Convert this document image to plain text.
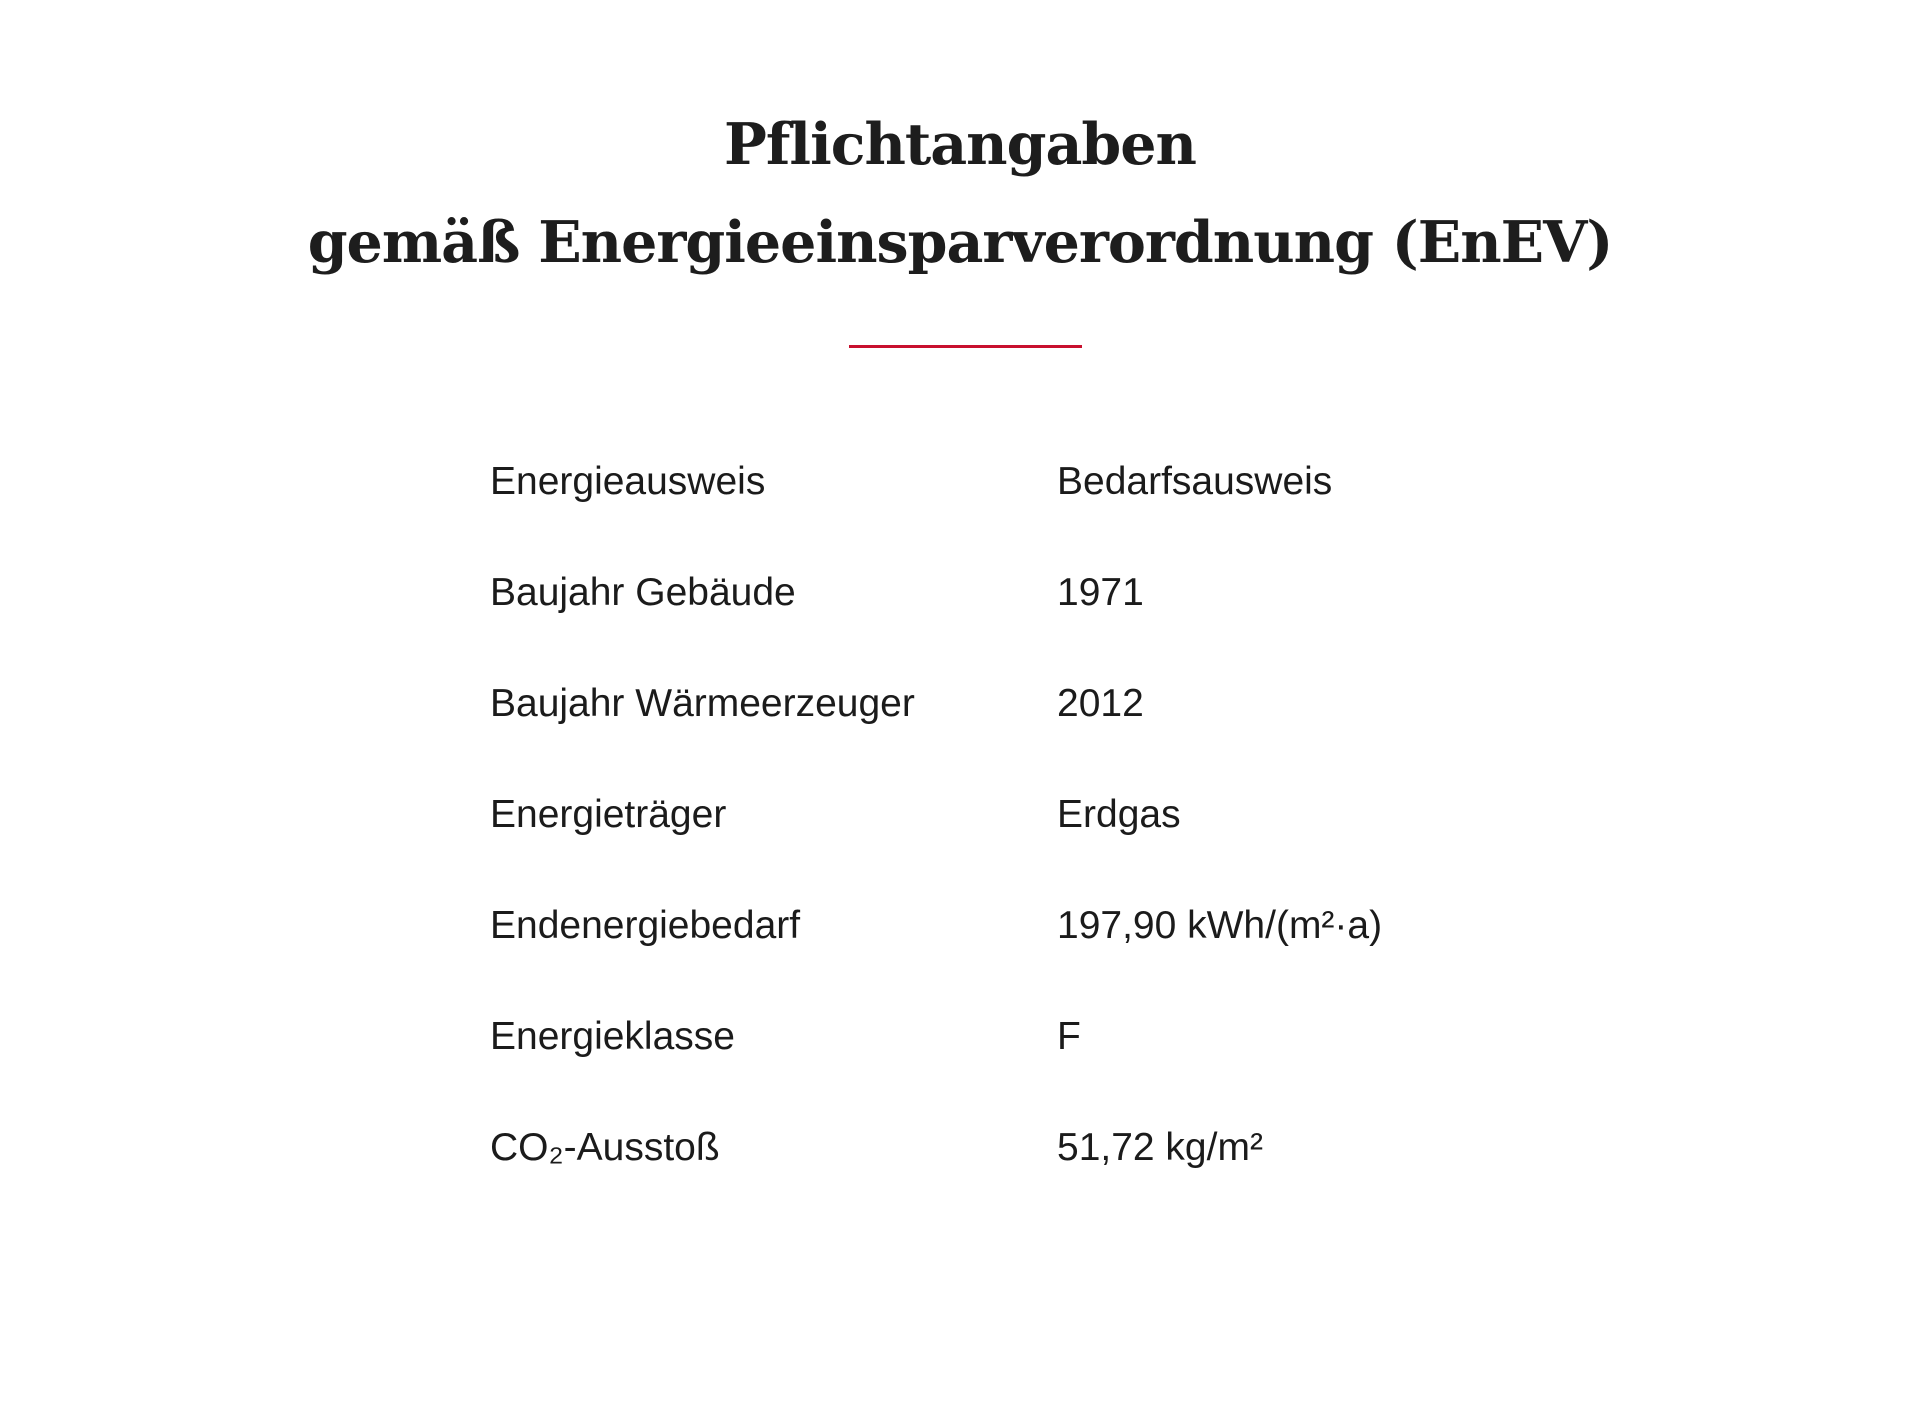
Pflichtangaben
gemäß Energieeinsparverordnung (EnEV)
Energieausweis	Bedarfsausweis
Baujahr Gebäude	1971
Baujahr Wärmeerzeuger	2012
Energieträger	Erdgas
Endenergiebedarf	197,90 kWh/(m²·a)
Energieklasse	F
CO₂-Ausstoß	51,72 kg/m²
